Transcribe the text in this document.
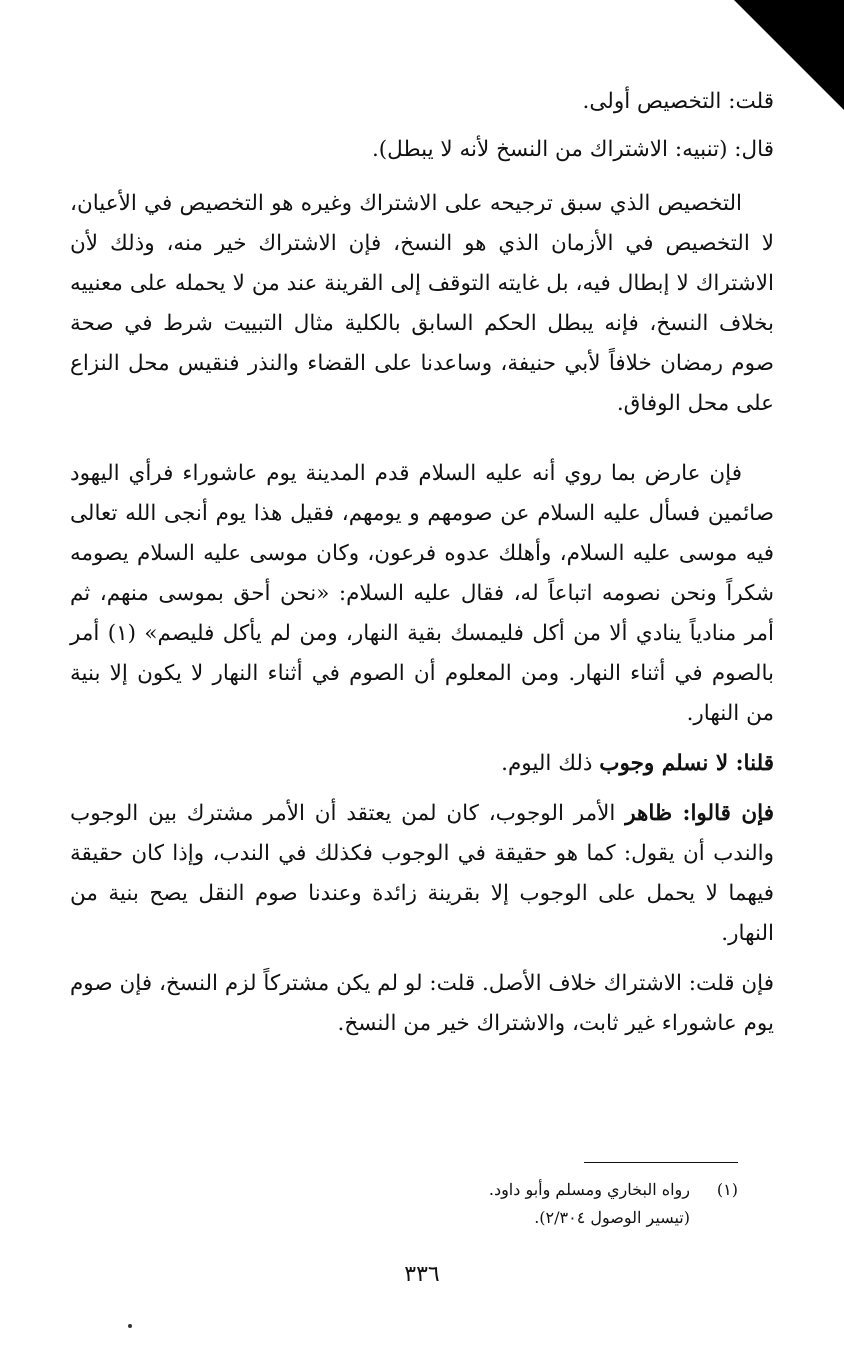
قلت: التخصيص أولى.

قال: (تنبيه: الاشتراك من النسخ لأنه لا يبطل).

التخصيص الذي سبق ترجيحه على الاشتراك وغيره هو التخصيص في الأعيان، لا التخصيص في الأزمان الذي هو النسخ، فإن الاشتراك خير منه، وذلك لأن الاشتراك لا إبطال فيه، بل غايته التوقف إلى القرينة عند من لا يحمله على معنييه بخلاف النسخ، فإنه يبطل الحكم السابق بالكلية مثال التبييت شرط في صحة صوم رمضان خلافاً لأبي حنيفة، وساعدنا على القضاء والنذر فنقيس محل النزاع على محل الوفاق.

فإن عارض بما روي أنه عليه السلام قدم المدينة يوم عاشوراء فرأي اليهود صائمين فسأل عليه السلام عن صومهم و يومهم، فقيل هذا يوم أنجى الله تعالى فيه موسى عليه السلام، وأهلك عدوه فرعون، وكان موسى عليه السلام يصومه شكراً ونحن نصومه اتباعاً له، فقال عليه السلام: «نحن أحق بموسى منهم، ثم أمر منادياً ينادي ألا من أكل فليمسك بقية النهار، ومن لم يأكل فليصم» (١) أمر بالصوم في أثناء النهار. ومن المعلوم أن الصوم في أثناء النهار لا يكون إلا بنية من النهار.

قلنا: لا نسلم وجوب ذلك اليوم.

فإن قالوا: ظاهر الأمر الوجوب، كان لمن يعتقد أن الأمر مشترك بين الوجوب والندب أن يقول: كما هو حقيقة في الوجوب فكذلك في الندب، وإذا كان حقيقة فيهما لا يحمل على الوجوب إلا بقرينة زائدة وعندنا صوم النقل يصح بنية من النهار.

فإن قلت: الاشتراك خلاف الأصل. قلت: لو لم يكن مشتركاً لزم النسخ، فإن صوم يوم عاشوراء غير ثابت، والاشتراك خير من النسخ.

(١)رواه البخاري ومسلم وأبو داود.

(تيسير الوصول ٢/٣٠٤).

٣٣٦
